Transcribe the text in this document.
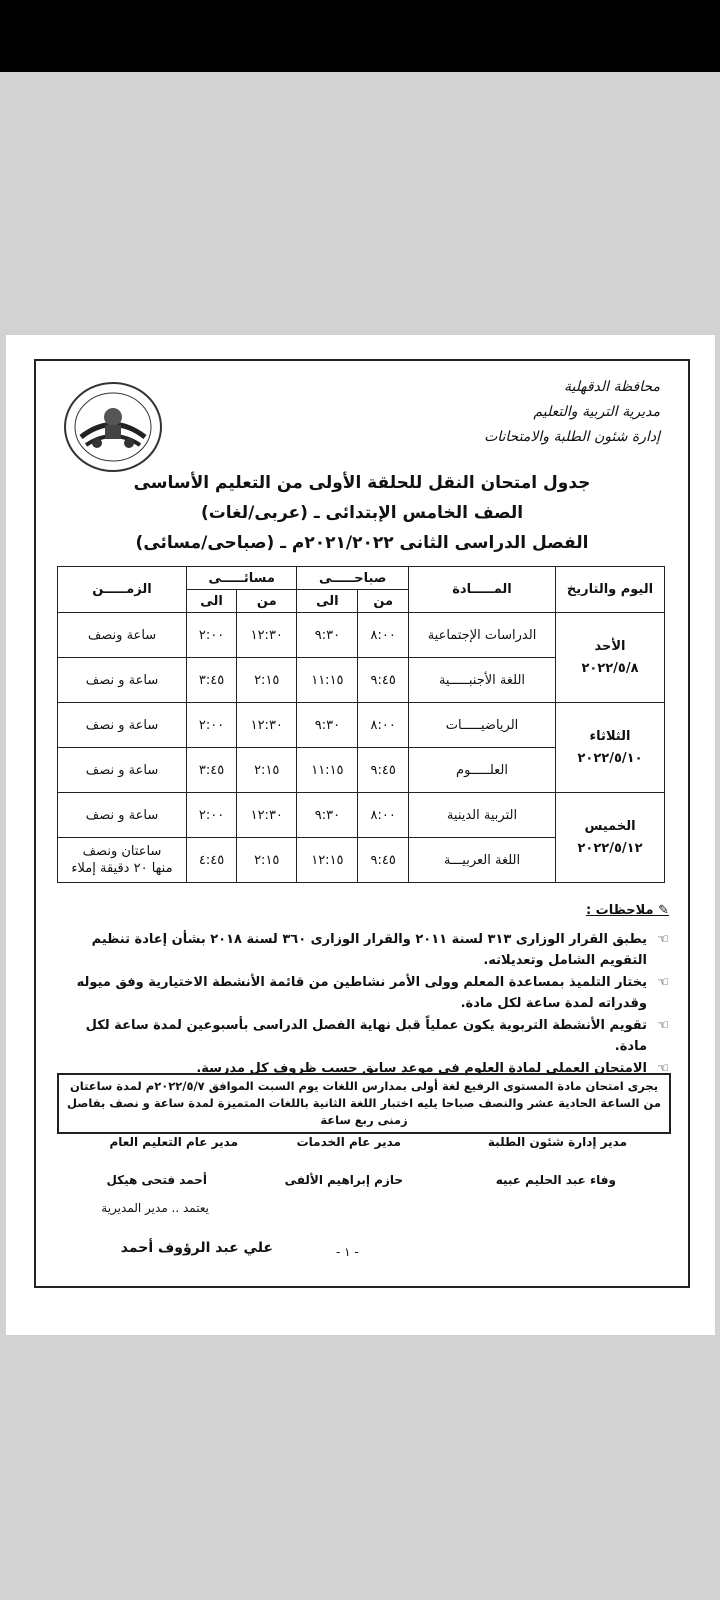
محافظة الدقهلية
مديرية التربية والتعليم
إدارة شئون الطلبة والامتحانات
جدول امتحان النقل للحلقة الأولى من التعليم الأساسى
الصف الخامس الإبتدائى ـ (عربى/لغات)
الفصل الدراسى الثانى ٢٠٢١/٢٠٢٢م ـ (صباحى/مسائى)
اليوم والتاريخ	المـــــادة	صباحـــــى		مسائـــــى		الزمـــــن
		من	الى	من	الى	

الأحد
٢٠٢٢/٥/٨	الدراسات الإجتماعية	٨:٠٠	٩:٣٠	١٢:٣٠	٢:٠٠	ساعة ونصف
	اللغة الأجنبـــــية	٩:٤٥	١١:١٥	٢:١٥	٣:٤٥	ساعة و نصف

الثلاثاء
٢٠٢٢/٥/١٠	الرياضيـــــات	٨:٠٠	٩:٣٠	١٢:٣٠	٢:٠٠	ساعة و نصف
	العلـــــوم	٩:٤٥	١١:١٥	٢:١٥	٣:٤٥	ساعة و نصف

الخميس
٢٠٢٢/٥/١٢	التربية الدينية	٨:٠٠	٩:٣٠	١٢:٣٠	٢:٠٠	ساعة و نصف
	اللغة العربيـــة	٩:٤٥	١٢:١٥	٢:١٥	٤:٤٥	ساعتان ونصف
منها ٢٠ دقيقة إملاء
✎ ملاحظات :
☜
يطبق القرار الوزارى ٣١٣ لسنة ٢٠١١ والقرار الوزارى ٣٦٠ لسنة ٢٠١٨ بشأن إعادة تنظيم التقويم الشامل وتعديلاته.
☜
يختار التلميذ بمساعدة المعلم وولى الأمر نشاطين من قائمة الأنشطة الاختيارية وفق ميوله وقدراته لمدة ساعة لكل مادة.
☜
تقويم الأنشطة التربوية يكون عملياً قبل نهاية الفصل الدراسى بأسبوعين لمدة ساعة لكل مادة.
☜
الامتحان العملى لمادة العلوم فى موعد سابق حسب ظروف كل مدرسة.
يجرى امتحان مادة المستوى الرفيع لغة أولى بمدارس اللغات يوم السبت الموافق ٢٠٢٢/٥/٧م لمدة ساعتان
من الساعة الحادية عشر والنصف صباحا يليه اختبار اللغة الثانية باللغات المتميزة لمدة ساعة و نصف بفاصل زمنى ربع ساعة
مدير إدارة شئون الطلبة
مدير عام الخدمات
مدير عام التعليم العام
وفاء عبد الحليم عبيه
حازم إبراهيم الألفى
أحمد فتحى هيكل
يعتمد .. مدير المديرية
علي عبد الرؤوف أحمد	- ١ -
